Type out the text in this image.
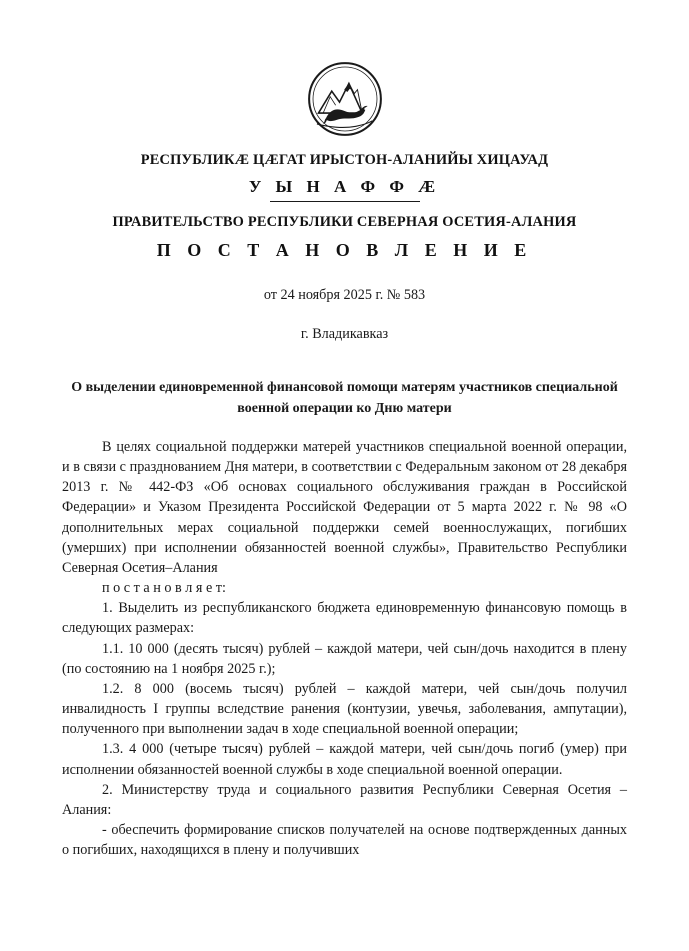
РЕСПУБЛИКÆ ЦÆГАТ ИРЫСТОН-АЛАНИЙЫ ХИЦАУАД
У Ы Н А Ф Ф Æ
ПРАВИТЕЛЬСТВО РЕСПУБЛИКИ СЕВЕРНАЯ ОСЕТИЯ-АЛАНИЯ
П О С Т А Н О В Л Е Н И Е
от 24 ноября 2025 г. № 583
г. Владикавказ
О выделении единовременной финансовой помощи матерям участников специальной военной операции ко Дню матери

В целях социальной поддержки матерей участников специальной военной операции, и в связи с празднованием Дня матери, в соответствии с Федеральным законом от 28 декабря 2013 г. № 442-ФЗ «Об основах социального обслуживания граждан в Российской Федерации» и Указом Президента Российской Федерации от 5 марта 2022 г. № 98 «О дополнительных мерах социальной поддержки семей военнослужащих, погибших (умерших) при исполнении обязанностей военной службы», Правительство Республики Северная Осетия–Алания

п о с т а н о в л я е т:

1. Выделить из республиканского бюджета единовременную финансовую помощь в следующих размерах:

1.1. 10 000 (десять тысяч) рублей – каждой матери, чей сын/дочь находится в плену (по состоянию на 1 ноября 2025 г.);

1.2. 8 000 (восемь тысяч) рублей – каждой матери, чей сын/дочь получил инвалидность I группы вследствие ранения (контузии, увечья, заболевания, ампутации), полученного при выполнении задач в ходе специальной военной операции;

1.3. 4 000 (четыре тысяч) рублей – каждой матери, чей сын/дочь погиб (умер) при исполнении обязанностей военной службы в ходе специальной военной операции.

2. Министерству труда и социального развития Республики Северная Осетия – Алания:

- обеспечить формирование списков получателей на основе подтвержденных данных о погибших, находящихся в плену и получивших
